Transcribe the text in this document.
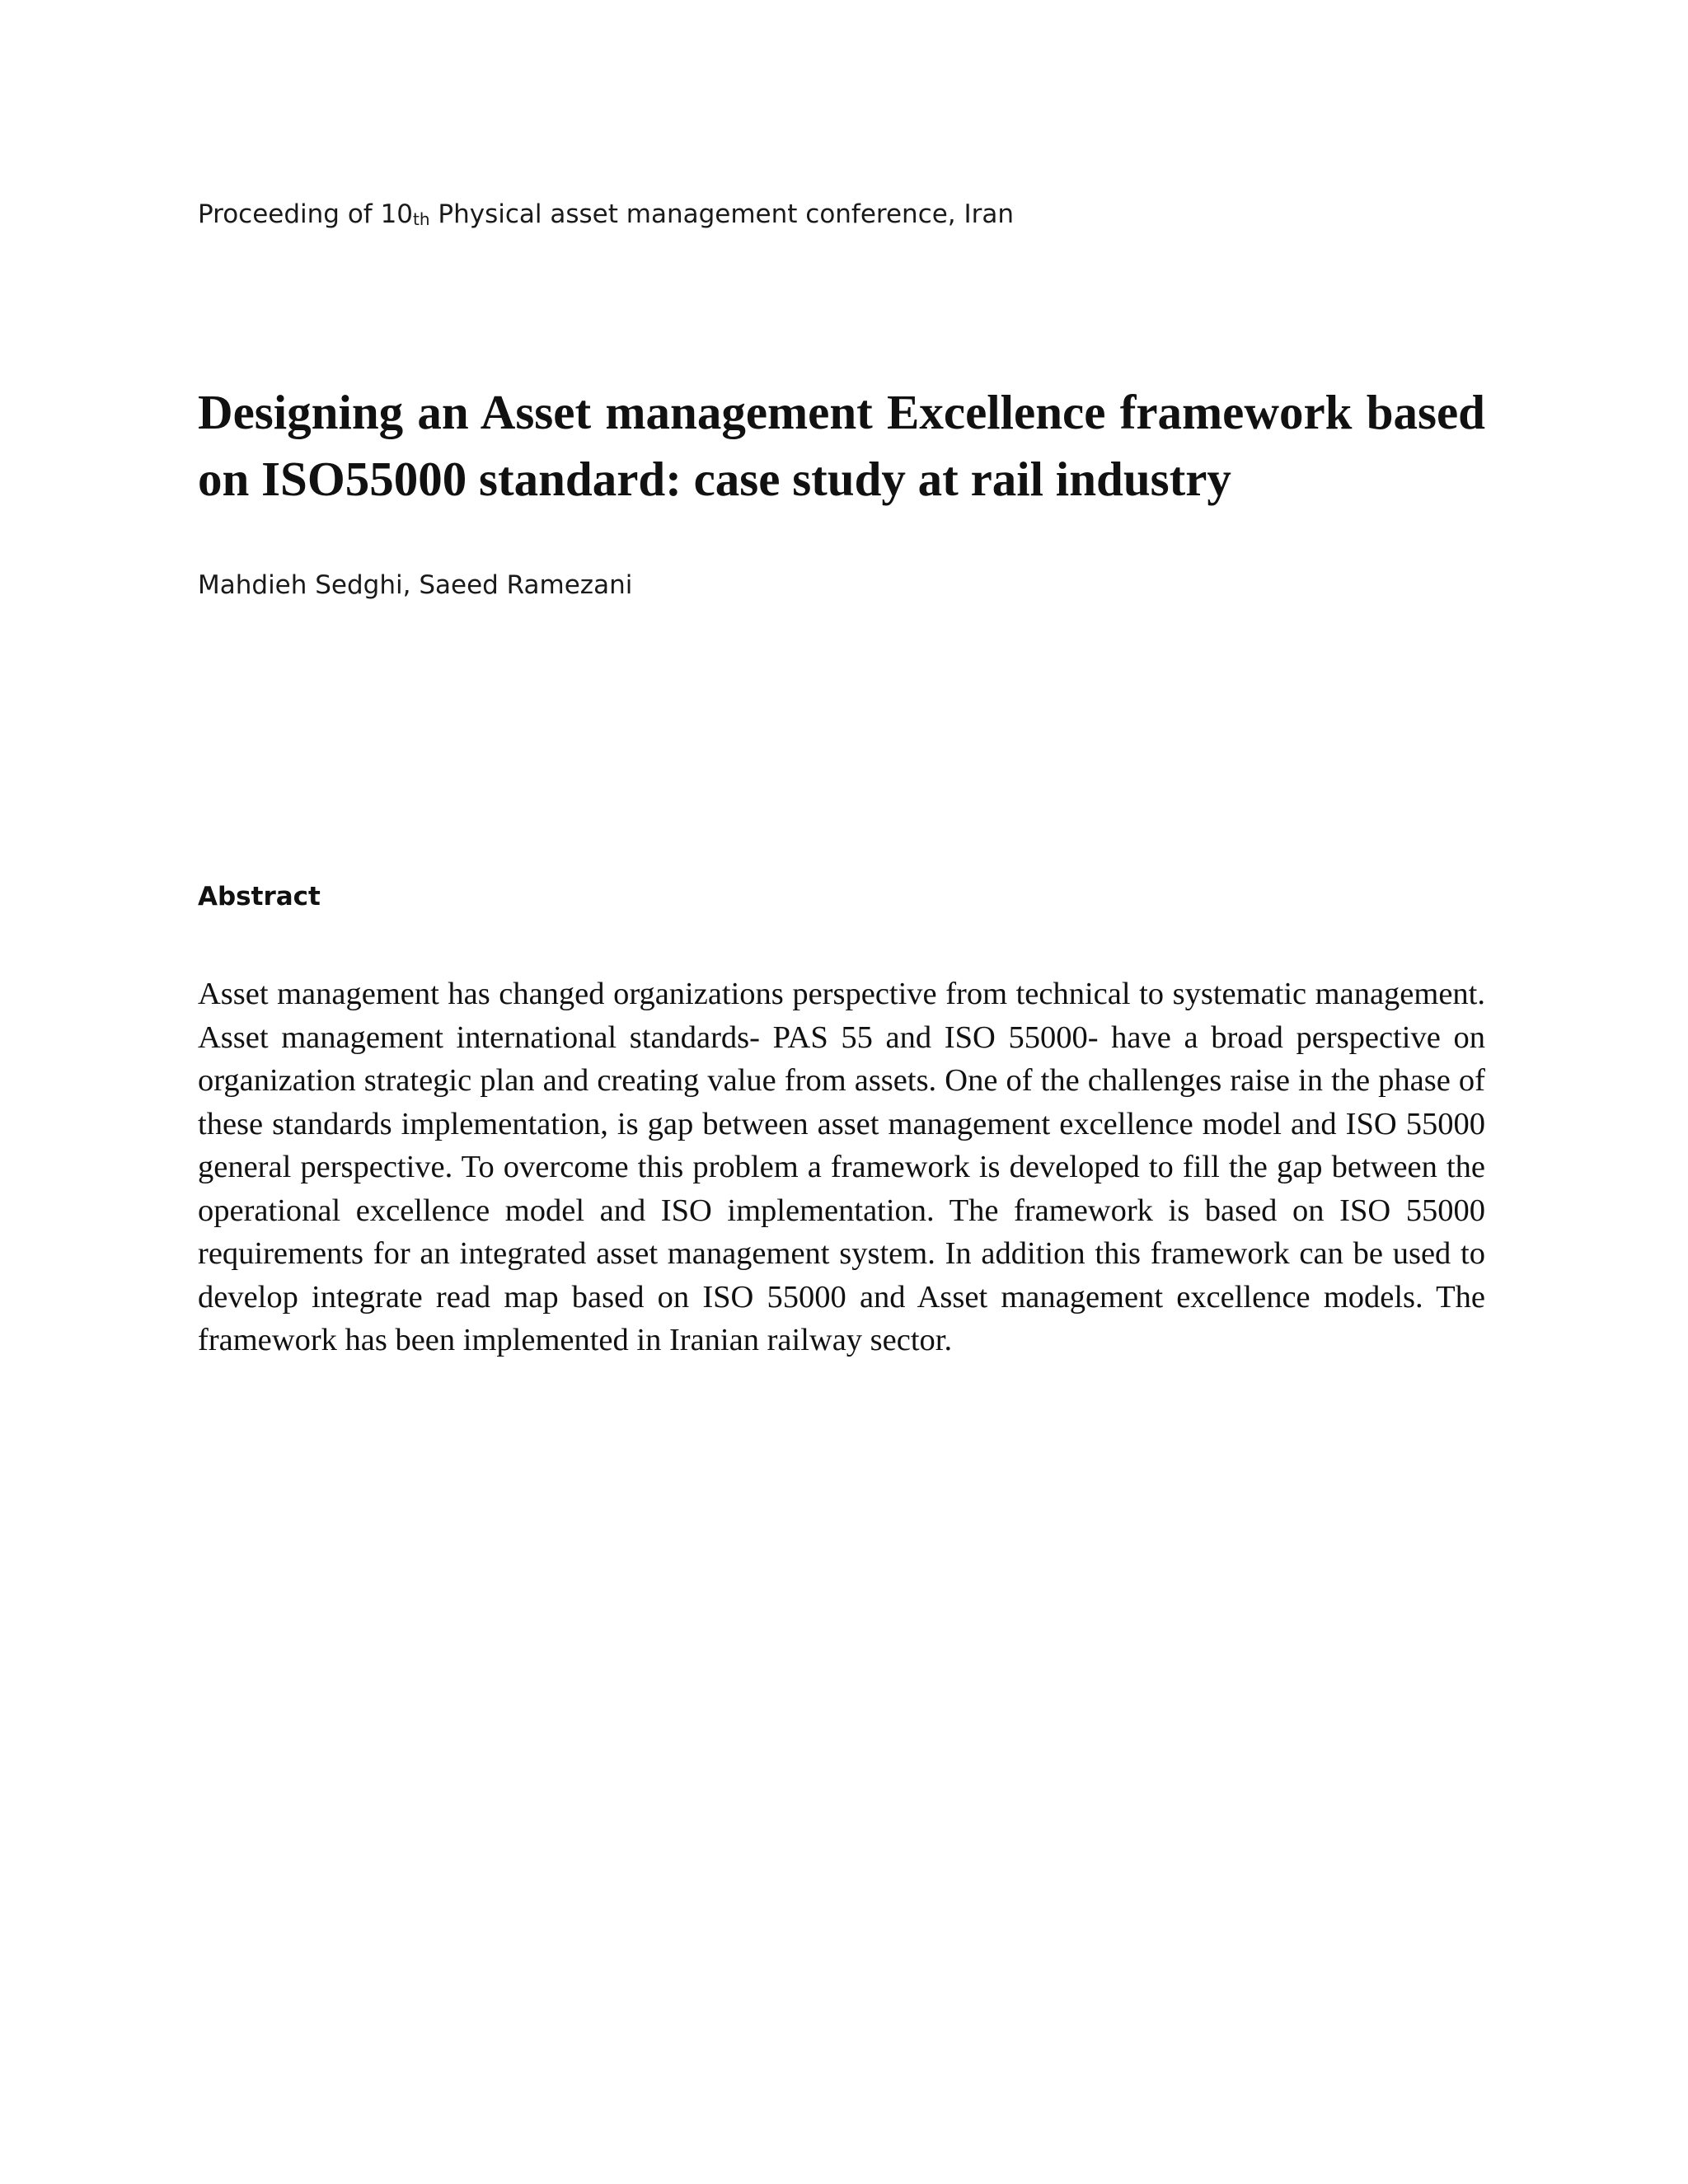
Proceeding of 10th Physical asset management conference, Iran
Designing an Asset management Excellence framework based on ISO55000 standard: case study at rail industry
Mahdieh Sedghi, Saeed Ramezani
Abstract

Asset management has changed organizations perspective from technical to systematic management. Asset management international standards- PAS 55 and ISO 55000- have a broad perspective on organization strategic plan and creating value from assets. One of the challenges raise in the phase of these standards implementation, is gap between asset management excellence model and ISO 55000 general perspective. To overcome this problem a framework is developed to fill the gap between the operational excellence model and ISO implementation. The framework is based on ISO 55000 requirements for an integrated asset management system. In addition this framework can be used to develop integrate read map based on ISO 55000 and Asset management excellence models. The framework has been implemented in Iranian railway sector.
